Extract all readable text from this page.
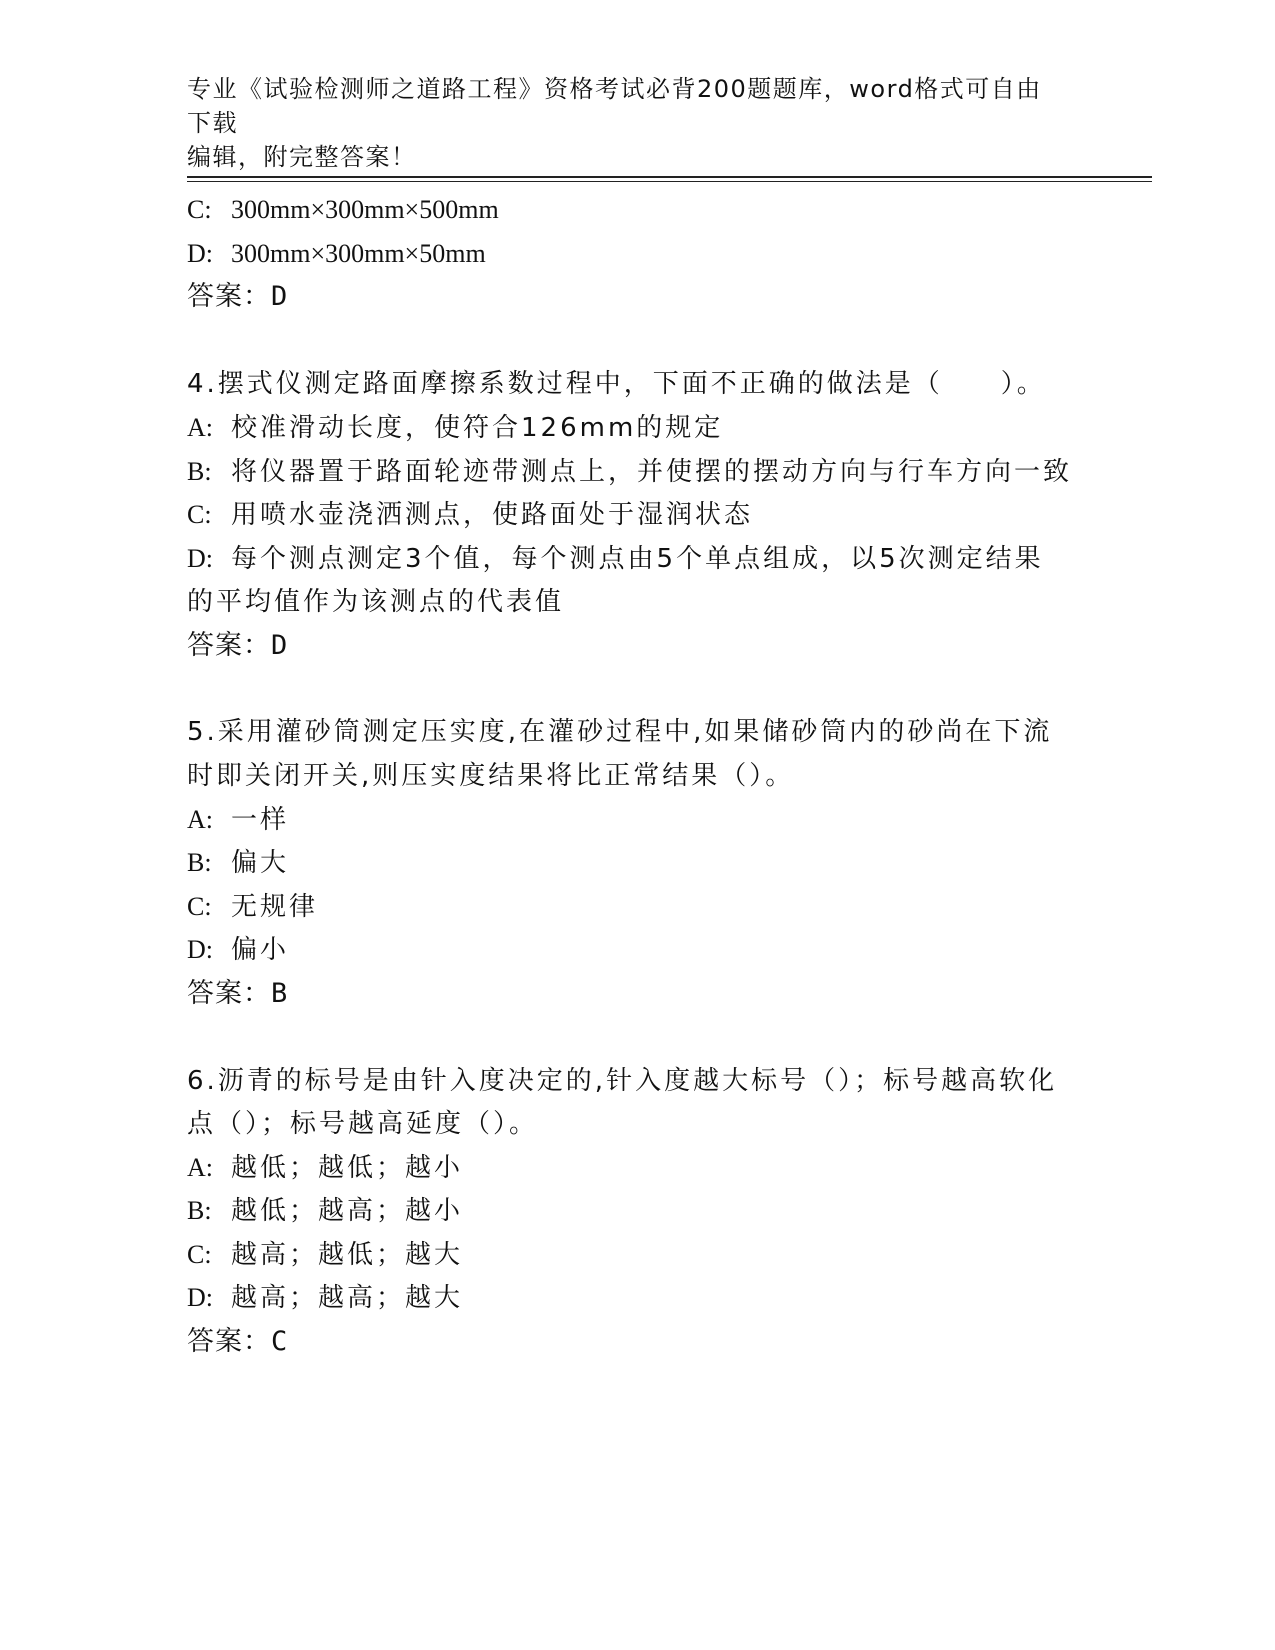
专业《试验检测师之道路工程》资格考试必背200题题库，word格式可自由下载
编辑，附完整答案！
C: 300mm×300mm×500mm
D: 300mm×300mm×50mm
答案：D
4.摆式仪测定路面摩擦系数过程中，下面不正确的做法是（　　）。
A: 校准滑动长度，使符合126mm的规定
B: 将仪器置于路面轮迹带测点上，并使摆的摆动方向与行车方向一致
C: 用喷水壶浇洒测点，使路面处于湿润状态
D: 每个测点测定3个值，每个测点由5个单点组成，以5次测定结果
的平均值作为该测点的代表值
答案：D
5.采用灌砂筒测定压实度,在灌砂过程中,如果储砂筒内的砂尚在下流
时即关闭开关,则压实度结果将比正常结果（）。
A: 一样
B: 偏大
C: 无规律
D: 偏小
答案：B
6.沥青的标号是由针入度决定的,针入度越大标号（）；标号越高软化
点（）；标号越高延度（）。
A: 越低；越低；越小
B: 越低；越高；越小
C: 越高；越低；越大
D: 越高；越高；越大
答案：C
